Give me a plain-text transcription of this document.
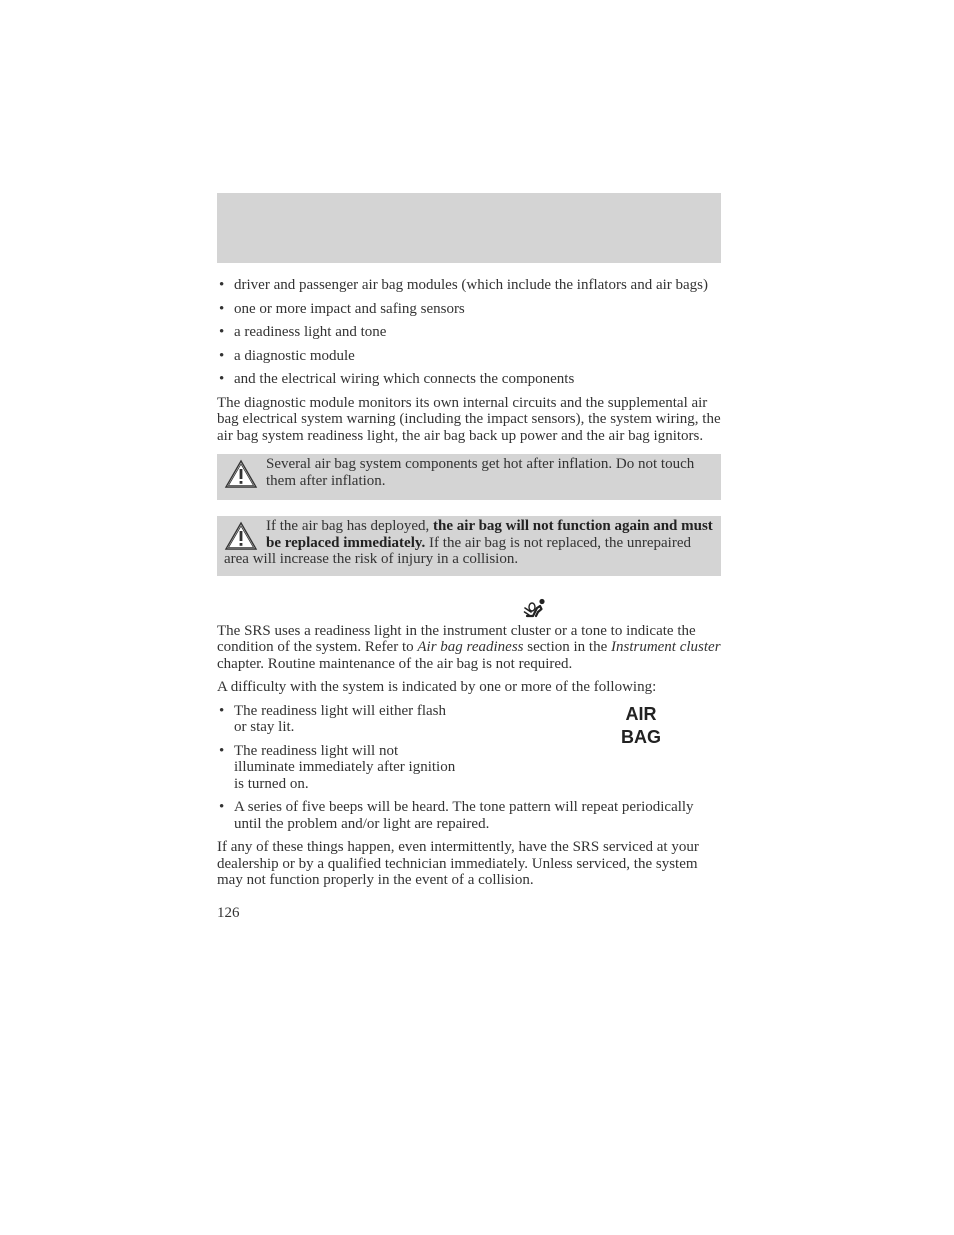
• driver and passenger air bag modules (which include the inflators and air bags)
• one or more impact and safing sensors
• a readiness light and tone
• a diagnostic module
• and the electrical wiring which connects the components

The diagnostic module monitors its own internal circuits and the supplemental air bag electrical system warning (including the impact sensors), the system wiring, the air bag system readiness light, the air bag back up power and the air bag ignitors.

Several air bag system components get hot after inflation. Do not touch them after inflation.
If the air bag has deployed, the air bag will not function again and must be replaced immediately. If the air bag is not replaced, the unrepaired area will increase the risk of injury in a collision.

The SRS uses a readiness light in the instrument cluster or a tone to indicate the condition of the system. Refer to Air bag readiness section in the Instrument cluster chapter. Routine maintenance of the air bag is not required.

A difficulty with the system is indicated by one or more of the following:

• The readiness light will either flash or stay lit.
• The readiness light will not illuminate immediately after ignition is turned on.
AIR
BAG
• A series of five beeps will be heard. The tone pattern will repeat periodically until the problem and/or light are repaired.

If any of these things happen, even intermittently, have the SRS serviced at your dealership or by a qualified technician immediately. Unless serviced, the system may not function properly in the event of a collision.

126
